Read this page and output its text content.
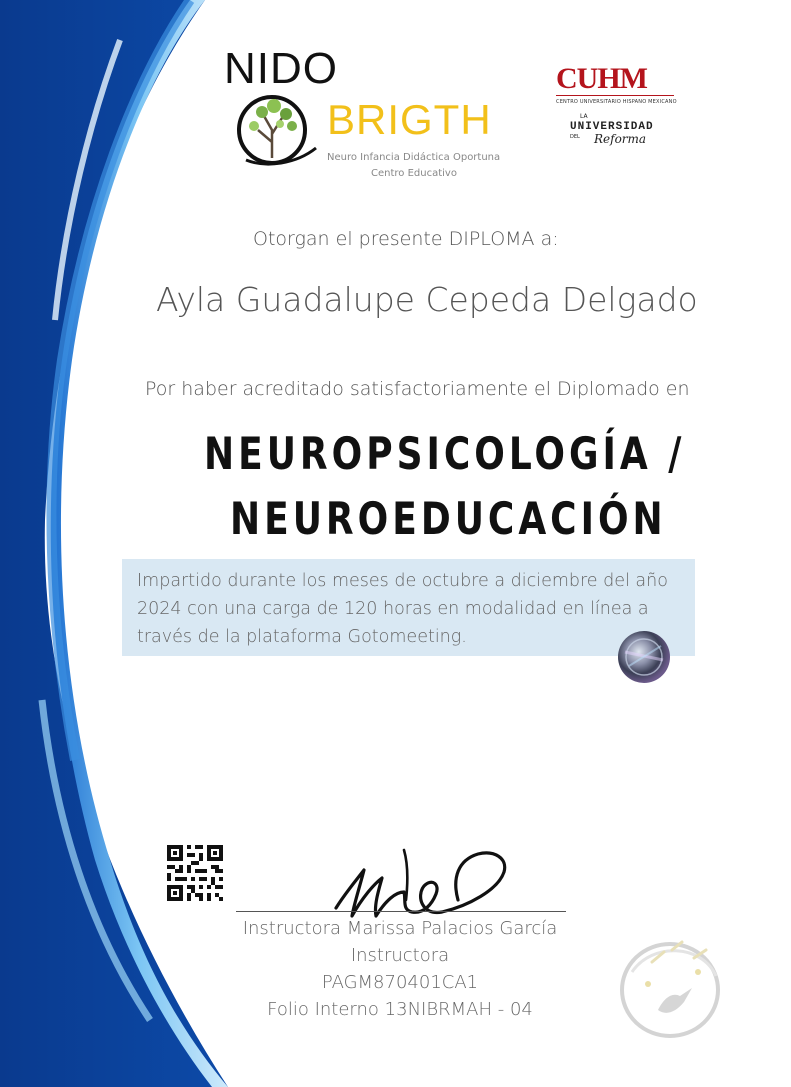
NIDO
BRIGTH
Neuro Infancia Didáctica Oportuna
Centro Educativo
CUHM
CENTRO UNIVERSITARIO HISPANO MEXICANO
LA
UNIVERSIDAD
DEL Reforma
Otorgan el presente DIPLOMA a:
Ayla Guadalupe Cepeda Delgado
Por haber acreditado satisfactoriamente el Diplomado en
NEUROPSICOLOGÍA /
NEUROEDUCACIÓN
Impartido durante los meses de octubre a diciembre del año 2024 con una carga de 120 horas en modalidad en línea a través de la plataforma Gotomeeting.
Instructora Marissa Palacios García
Instructora
PAGM870401CA1
Folio Interno 13NIBRMAH - 04
